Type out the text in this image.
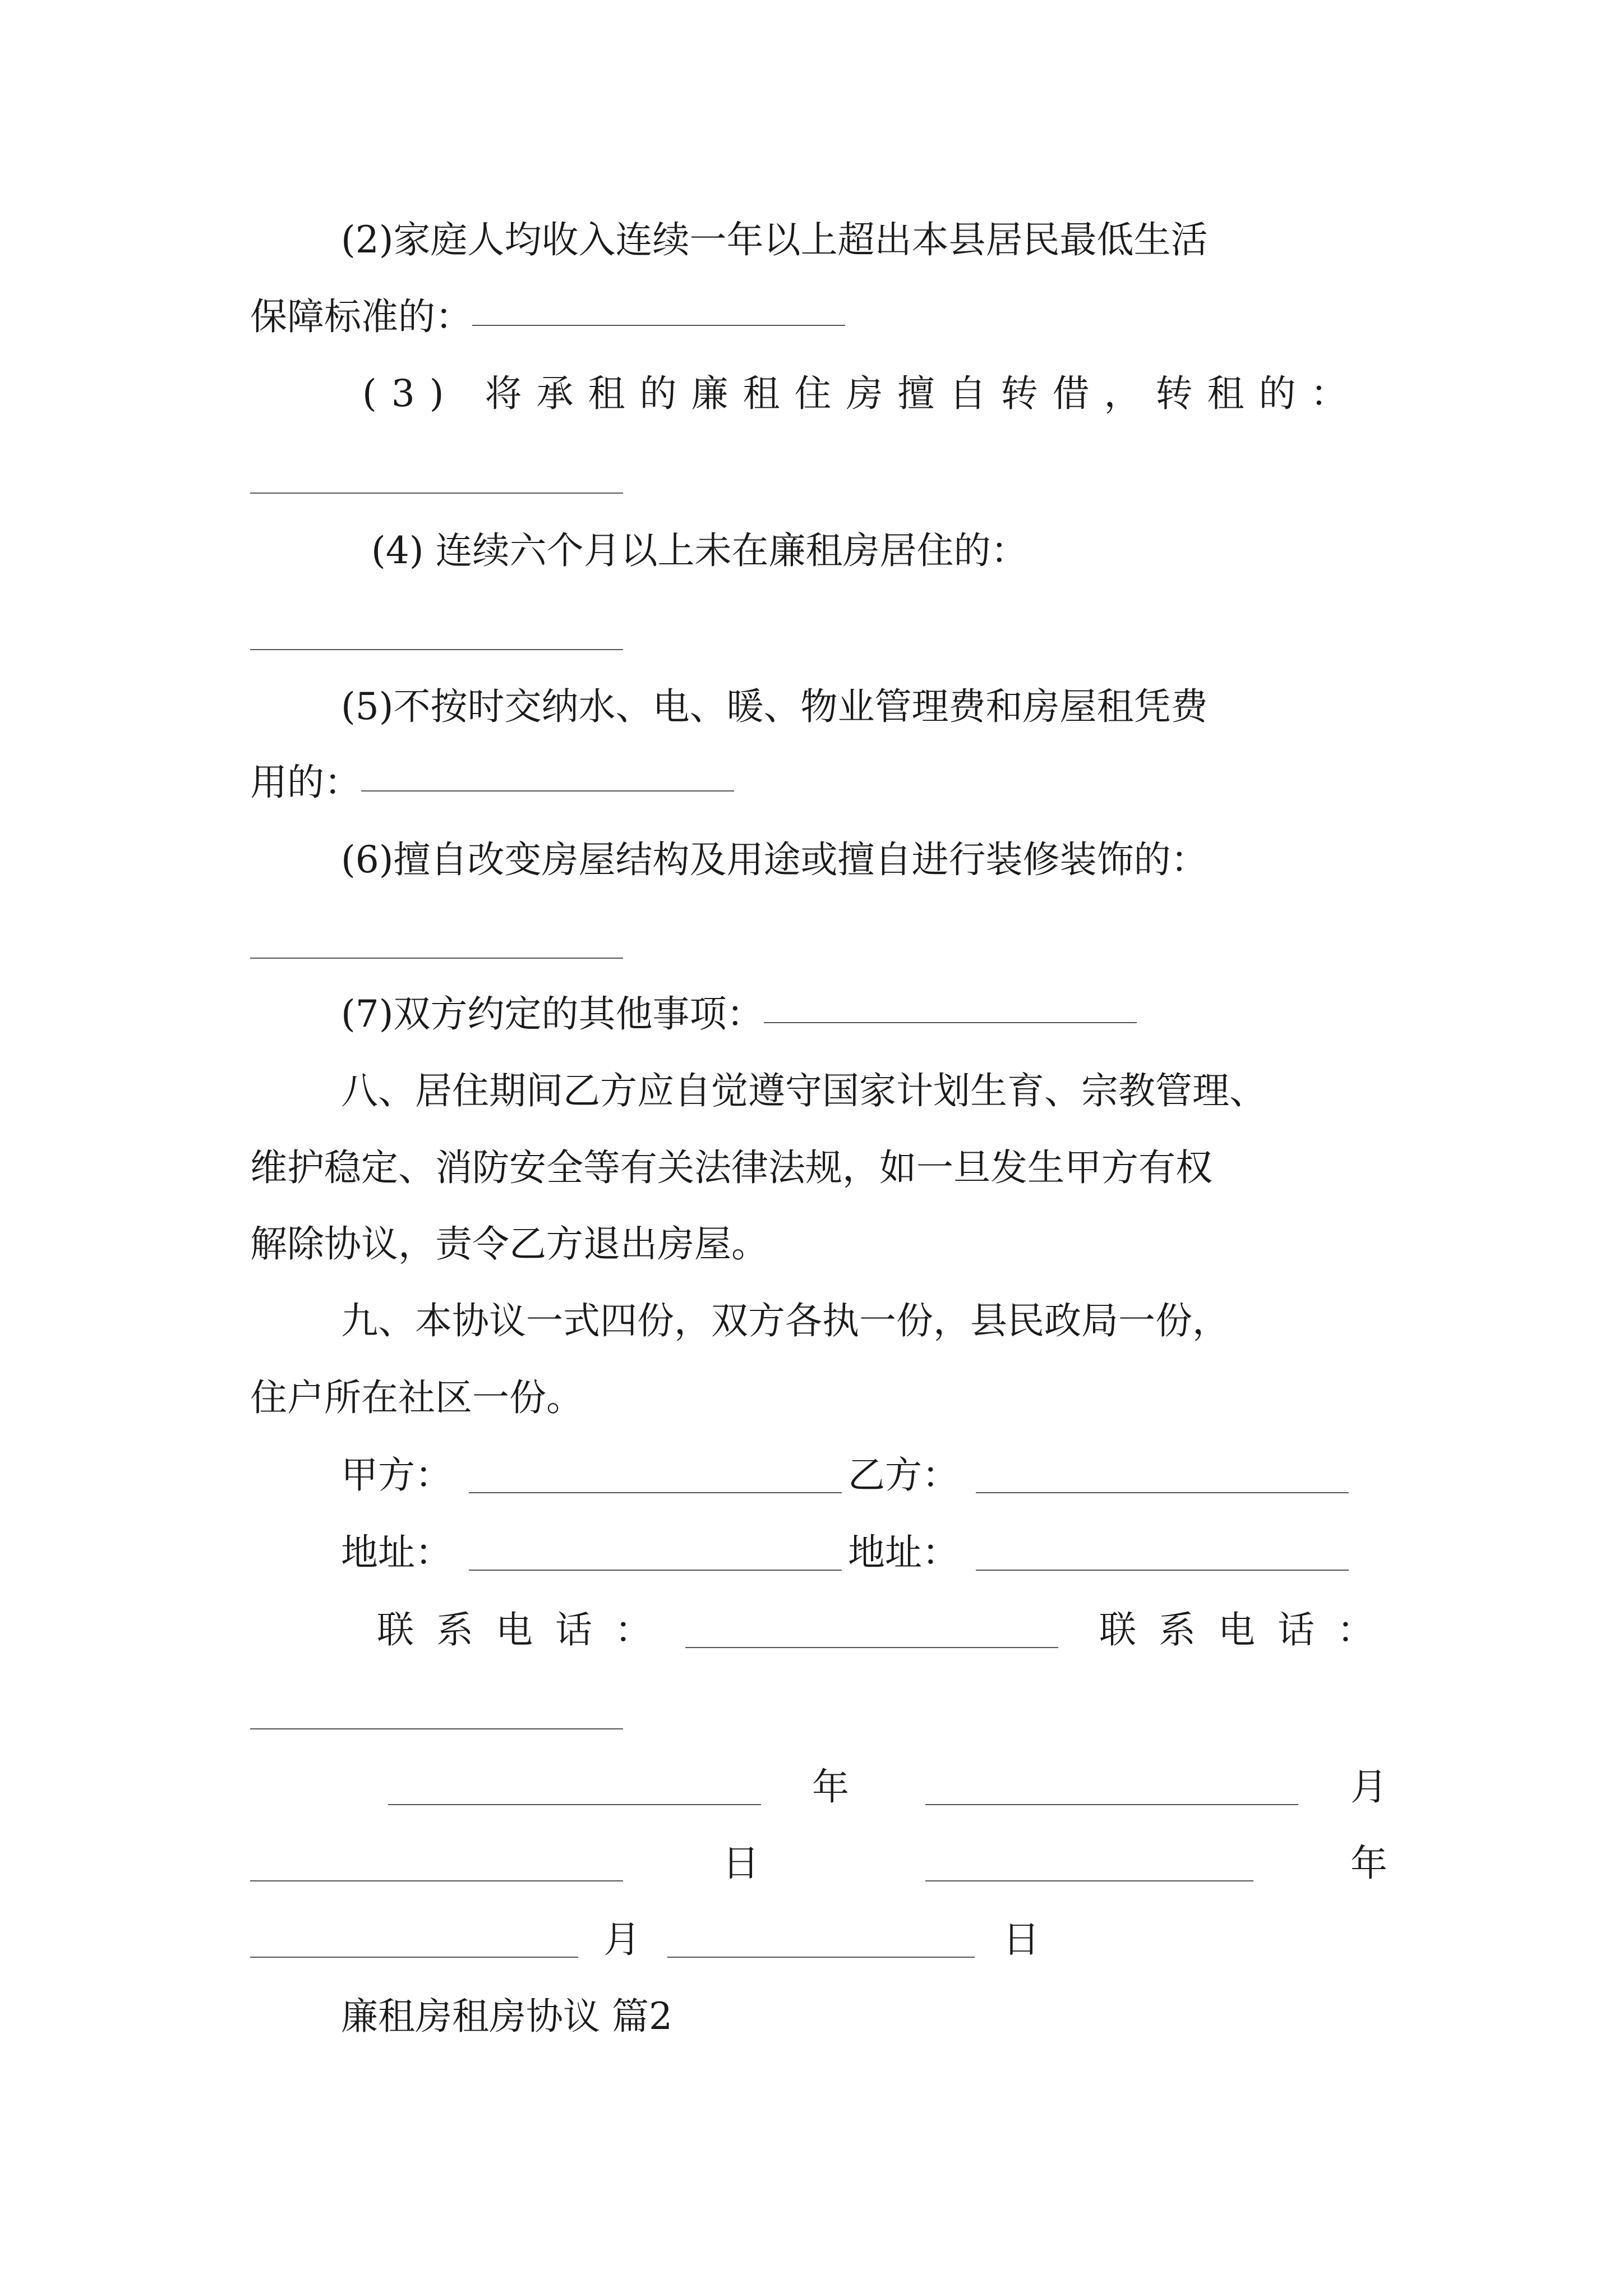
(2)家庭人均收入连续一年以上超出本县居民最低生活
保障标准的：
(3) 将承租的廉租住房擅自转借，转租的：
(4) 连续六个月以上未在廉租房居住的：
(5)不按时交纳水、电、暖、物业管理费和房屋租凭费
用的：
(6)擅自改变房屋结构及用途或擅自进行装修装饰的：
(7)双方约定的其他事项：
八、居住期间乙方应自觉遵守国家计划生育、宗教管理、
维护稳定、消防安全等有关法律法规，如一旦发生甲方有权
解除协议，责令乙方退出房屋。
九、本协议一式四份，双方各执一份，县民政局一份，
住户所在社区一份。
甲方：	乙方：
地址：	地址：
联系电话：	联系电话：
年	月
日	年
月	日
廉租房租房协议 篇2
